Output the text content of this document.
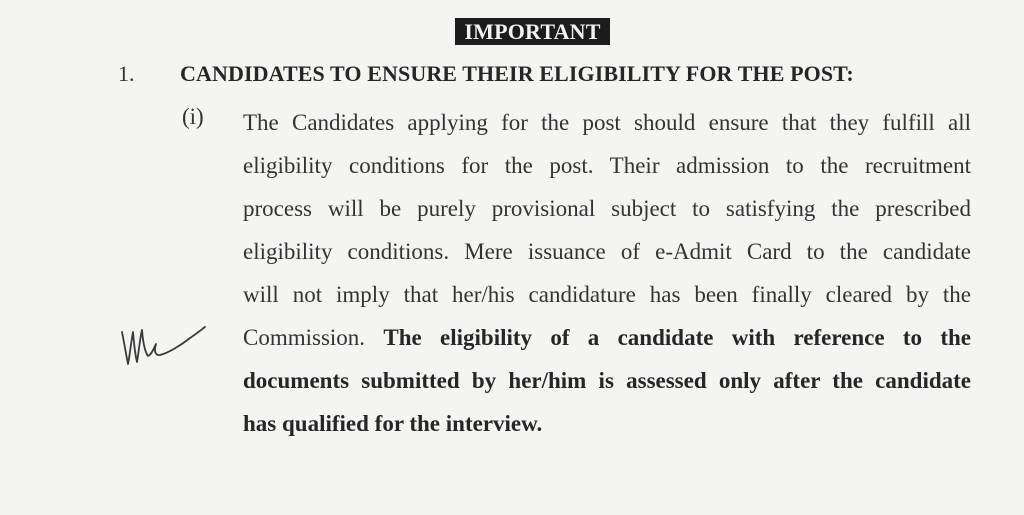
IMPORTANT
1. CANDIDATES TO ENSURE THEIR ELIGIBILITY FOR THE POST:
(i) The Candidates applying for the post should ensure that they fulfill all
eligibility conditions for the post. Their admission to the recruitment
process will be purely provisional subject to satisfying the prescribed
eligibility conditions. Mere issuance of e-Admit Card to the candidate
will not imply that her/his candidature has been finally cleared by the
Commission. The eligibility of a candidate with reference to the
documents submitted by her/him is assessed only after the candidate
has qualified for the interview.
